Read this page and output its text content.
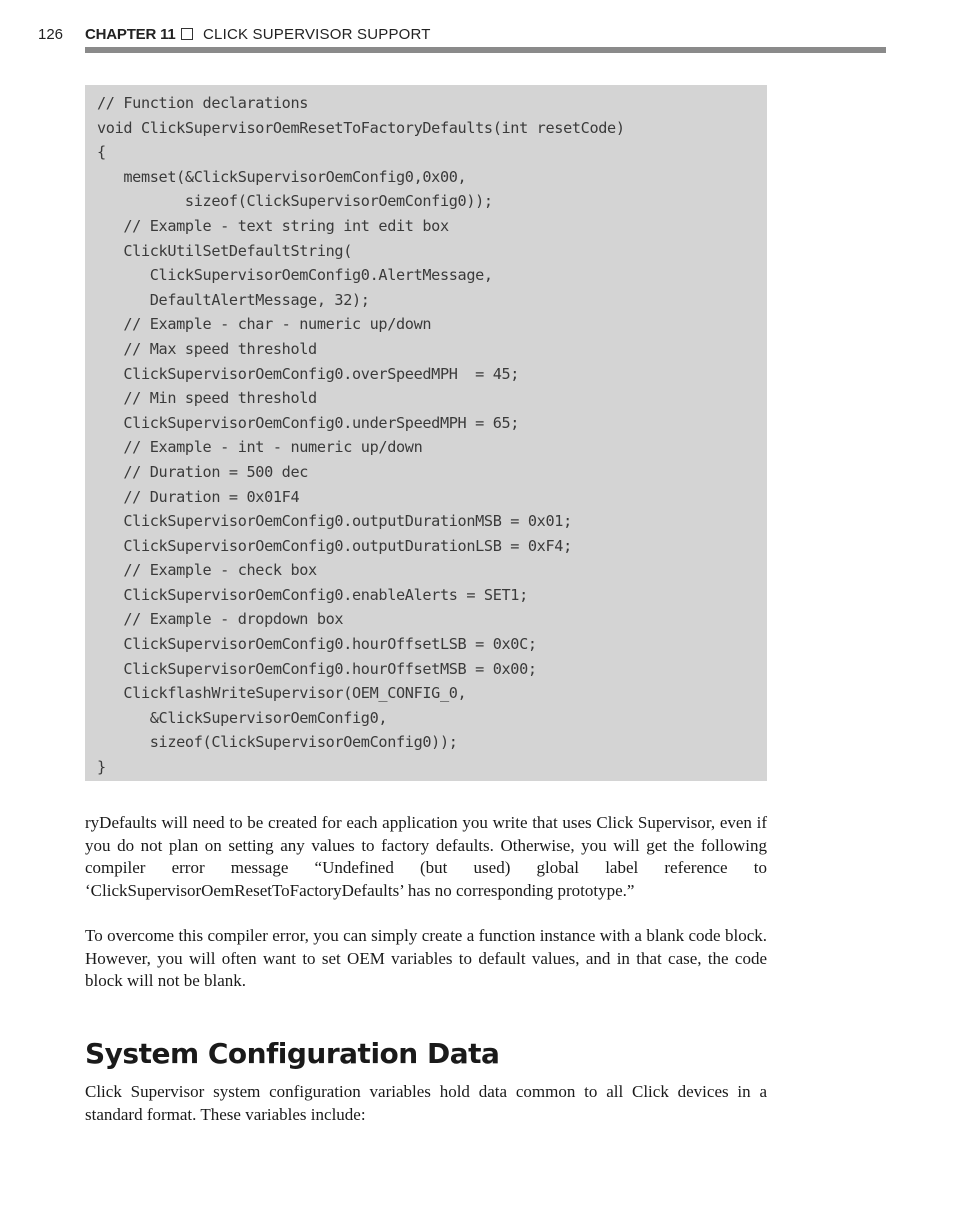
126 CHAPTER 11 CLICK SUPERVISOR SUPPORT
// Function declarations
void ClickSupervisorOemResetToFactoryDefaults(int resetCode)
{
memset(&ClickSupervisorOemConfig0,0x00,
sizeof(ClickSupervisorOemConfig0));
// Example - text string int edit box
ClickUtilSetDefaultString(
ClickSupervisorOemConfig0.AlertMessage,
DefaultAlertMessage, 32);
// Example - char - numeric up/down
// Max speed threshold
ClickSupervisorOemConfig0.overSpeedMPH  = 45;
// Min speed threshold
ClickSupervisorOemConfig0.underSpeedMPH = 65;
// Example - int - numeric up/down
// Duration = 500 dec
// Duration = 0x01F4
ClickSupervisorOemConfig0.outputDurationMSB = 0x01;
ClickSupervisorOemConfig0.outputDurationLSB = 0xF4;
// Example - check box
ClickSupervisorOemConfig0.enableAlerts = SET1;
// Example - dropdown box
ClickSupervisorOemConfig0.hourOffsetLSB = 0x0C;
ClickSupervisorOemConfig0.hourOffsetMSB = 0x00;
ClickflashWriteSupervisor(OEM_CONFIG_0,
&ClickSupervisorOemConfig0,
sizeof(ClickSupervisorOemConfig0));
}

ryDefaults will need to be created for each application you write that uses Click Supervisor, even if you do not plan on setting any values to factory defaults. Otherwise, you will get the following compiler error message “Undefined (but used) global label reference to ‘ClickSupervisorOemResetToFactoryDefaults’ has no corresponding prototype.”

To overcome this compiler error, you can simply create a function instance with a blank code block. However, you will often want to set OEM variables to default values, and in that case, the code block will not be blank.

System Configuration Data

Click Supervisor system configuration variables hold data common to all Click devices in a standard format. These variables include:
